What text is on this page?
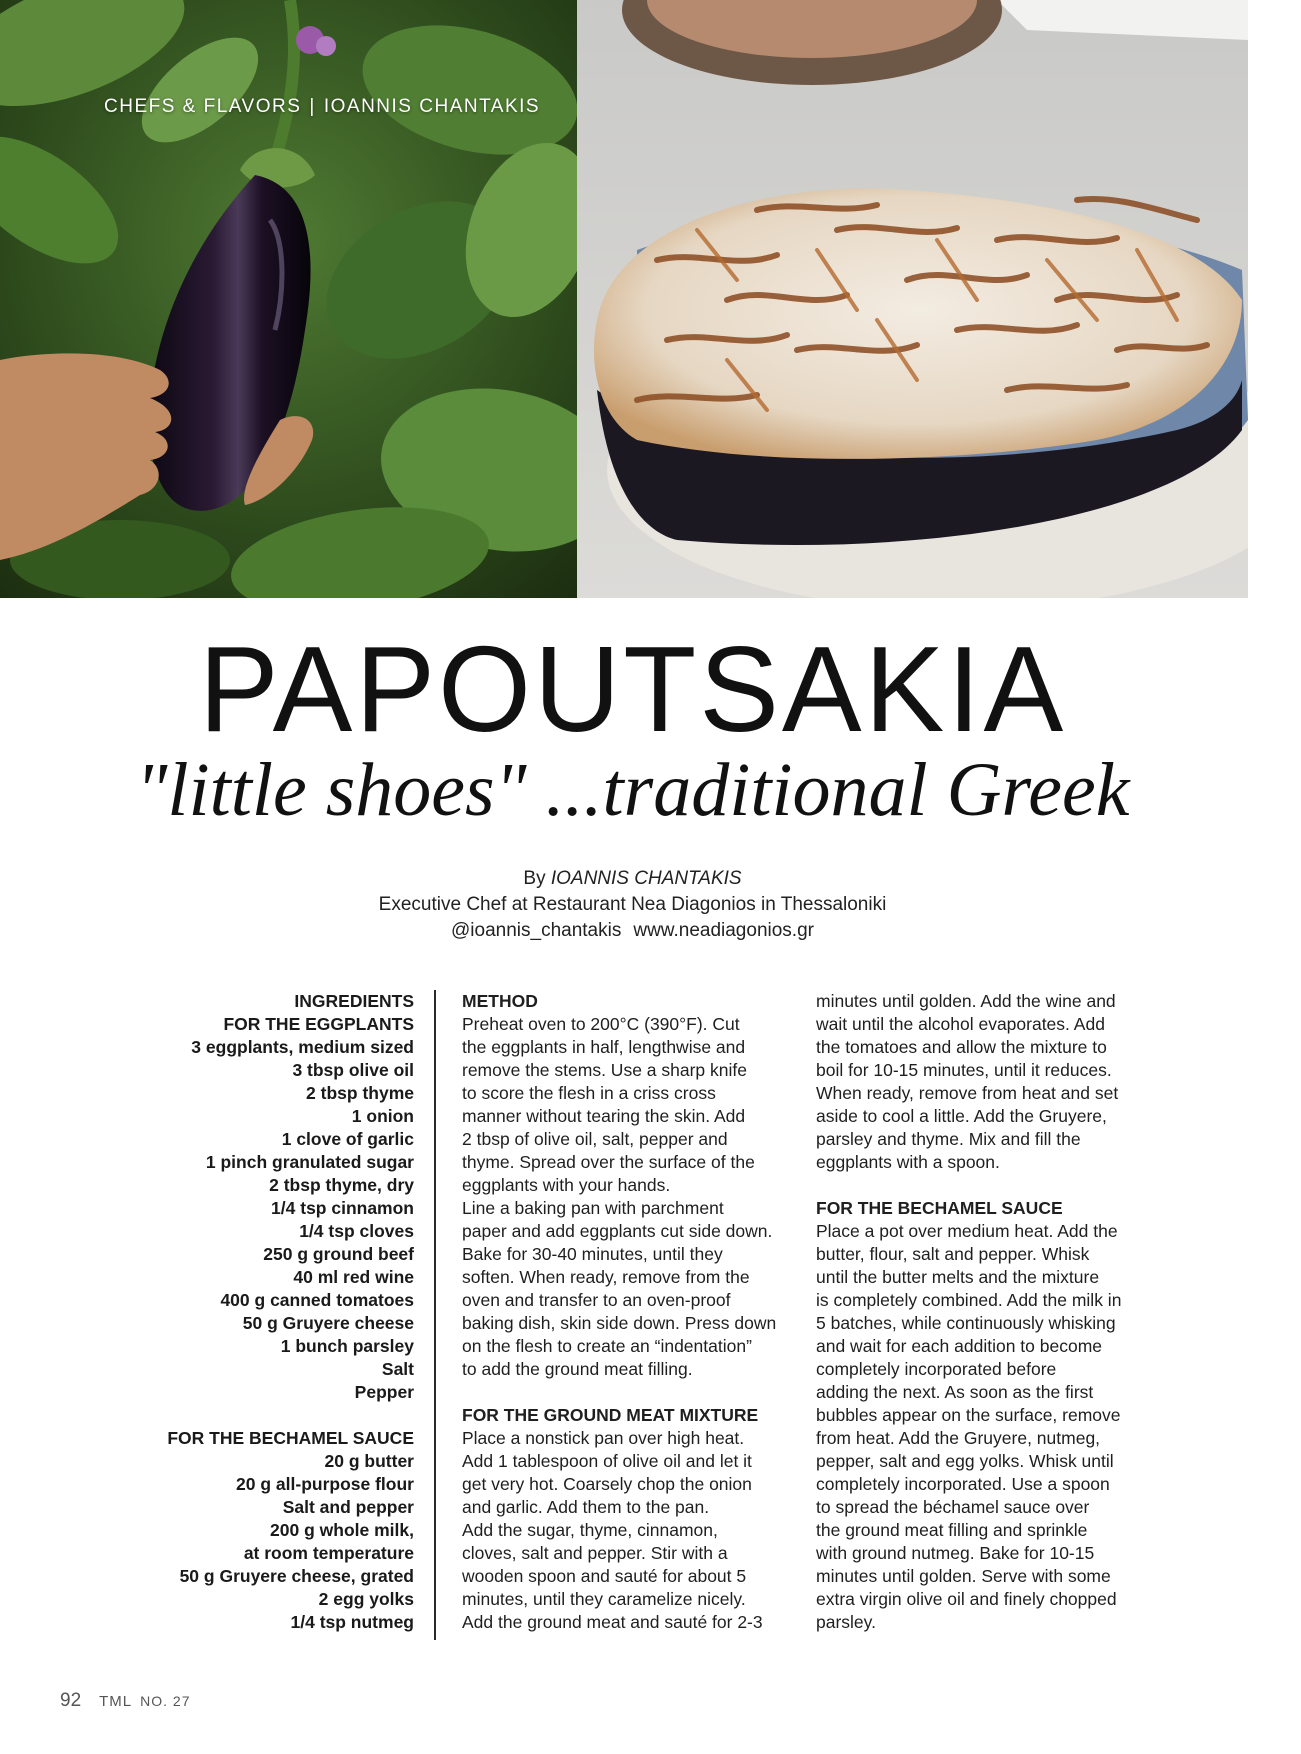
CHEFS & FLAVORS | IOANNIS CHANTAKIS
PAPOUTSAKIA
"little shoes" ...traditional Greek
By IOANNIS CHANTAKIS
Executive Chef at Restaurant Nea Diagonios in Thessaloniki
@ioannis_chantakis www.neadiagonios.gr
INGREDIENTS
FOR THE EGGPLANTS
3 eggplants, medium sized
3 tbsp olive oil
2 tbsp thyme
1 onion
1 clove of garlic
1 pinch granulated sugar
2 tbsp thyme, dry
1/4 tsp cinnamon
1/4 tsp cloves
250 g ground beef
40 ml red wine
400 g canned tomatoes
50 g Gruyere cheese
1 bunch parsley
Salt
Pepper
FOR THE BECHAMEL SAUCE
20 g butter
20 g all-purpose flour
Salt and pepper
200 g whole milk,
at room temperature
50 g Gruyere cheese, grated
2 egg yolks
1/4 tsp nutmeg
METHOD
Preheat oven to 200°C (390°F). Cut
the eggplants in half, lengthwise and
remove the stems. Use a sharp knife
to score the flesh in a criss cross
manner without tearing the skin. Add
2 tbsp of olive oil, salt, pepper and
thyme. Spread over the surface of the
eggplants with your hands.
Line a baking pan with parchment
paper and add eggplants cut side down.
Bake for 30-40 minutes, until they
soften. When ready, remove from the
oven and transfer to an oven-proof
baking dish, skin side down. Press down
on the flesh to create an “indentation”
to add the ground meat filling.
FOR THE GROUND MEAT MIXTURE
Place a nonstick pan over high heat.
Add 1 tablespoon of olive oil and let it
get very hot. Coarsely chop the onion
and garlic. Add them to the pan.
Add the sugar, thyme, cinnamon,
cloves, salt and pepper. Stir with a
wooden spoon and sauté for about 5
minutes, until they caramelize nicely.
Add the ground meat and sauté for 2-3
minutes until golden. Add the wine and
wait until the alcohol evaporates. Add
the tomatoes and allow the mixture to
boil for 10-15 minutes, until it reduces.
When ready, remove from heat and set
aside to cool a little. Add the Gruyere,
parsley and thyme. Mix and fill the
eggplants with a spoon.
FOR THE BECHAMEL SAUCE
Place a pot over medium heat. Add the
butter, flour, salt and pepper. Whisk
until the butter melts and the mixture
is completely combined. Add the milk in
5 batches, while continuously whisking
and wait for each addition to become
completely incorporated before
adding the next. As soon as the first
bubbles appear on the surface, remove
from heat. Add the Gruyere, nutmeg,
pepper, salt and egg yolks. Whisk until
completely incorporated. Use a spoon
to spread the béchamel sauce over
the ground meat filling and sprinkle
with ground nutmeg. Bake for 10-15
minutes until golden. Serve with some
extra virgin olive oil and finely chopped
parsley.
92 TML NO. 27
